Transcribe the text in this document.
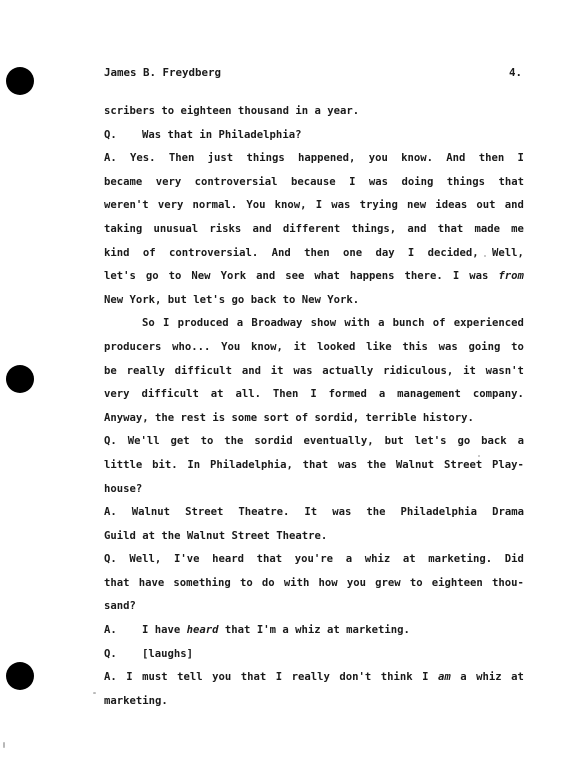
James B. Freydberg	4.
scribers to eighteen thousand in a year.
Q. Was that in Philadelphia?
A. Yes. Then just things happened, you know. And then I
became very controversial because I was doing things that
weren't very normal. You know, I was trying new ideas out and
taking unusual risks and different things, and that made me
kind of controversial. And then one day I decided, Well,
let's go to New York and see what happens there. I was from
New York, but let's go back to New York.
So I produced a Broadway show with a bunch of experienced
producers who... You know, it looked like this was going to
be really difficult and it was actually ridiculous, it wasn't
very difficult at all. Then I formed a management company.
Anyway, the rest is some sort of sordid, terrible history.
Q. We'll get to the sordid eventually, but let's go back a
little bit. In Philadelphia, that was the Walnut Street Play-
house?
A. Walnut Street Theatre. It was the Philadelphia Drama
Guild at the Walnut Street Theatre.
Q. Well, I've heard that you're a whiz at marketing. Did
that have something to do with how you grew to eighteen thou-
sand?
A. I have heard that I'm a whiz at marketing.
Q. [laughs]
A. I must tell you that I really don't think I am a whiz at
marketing.
